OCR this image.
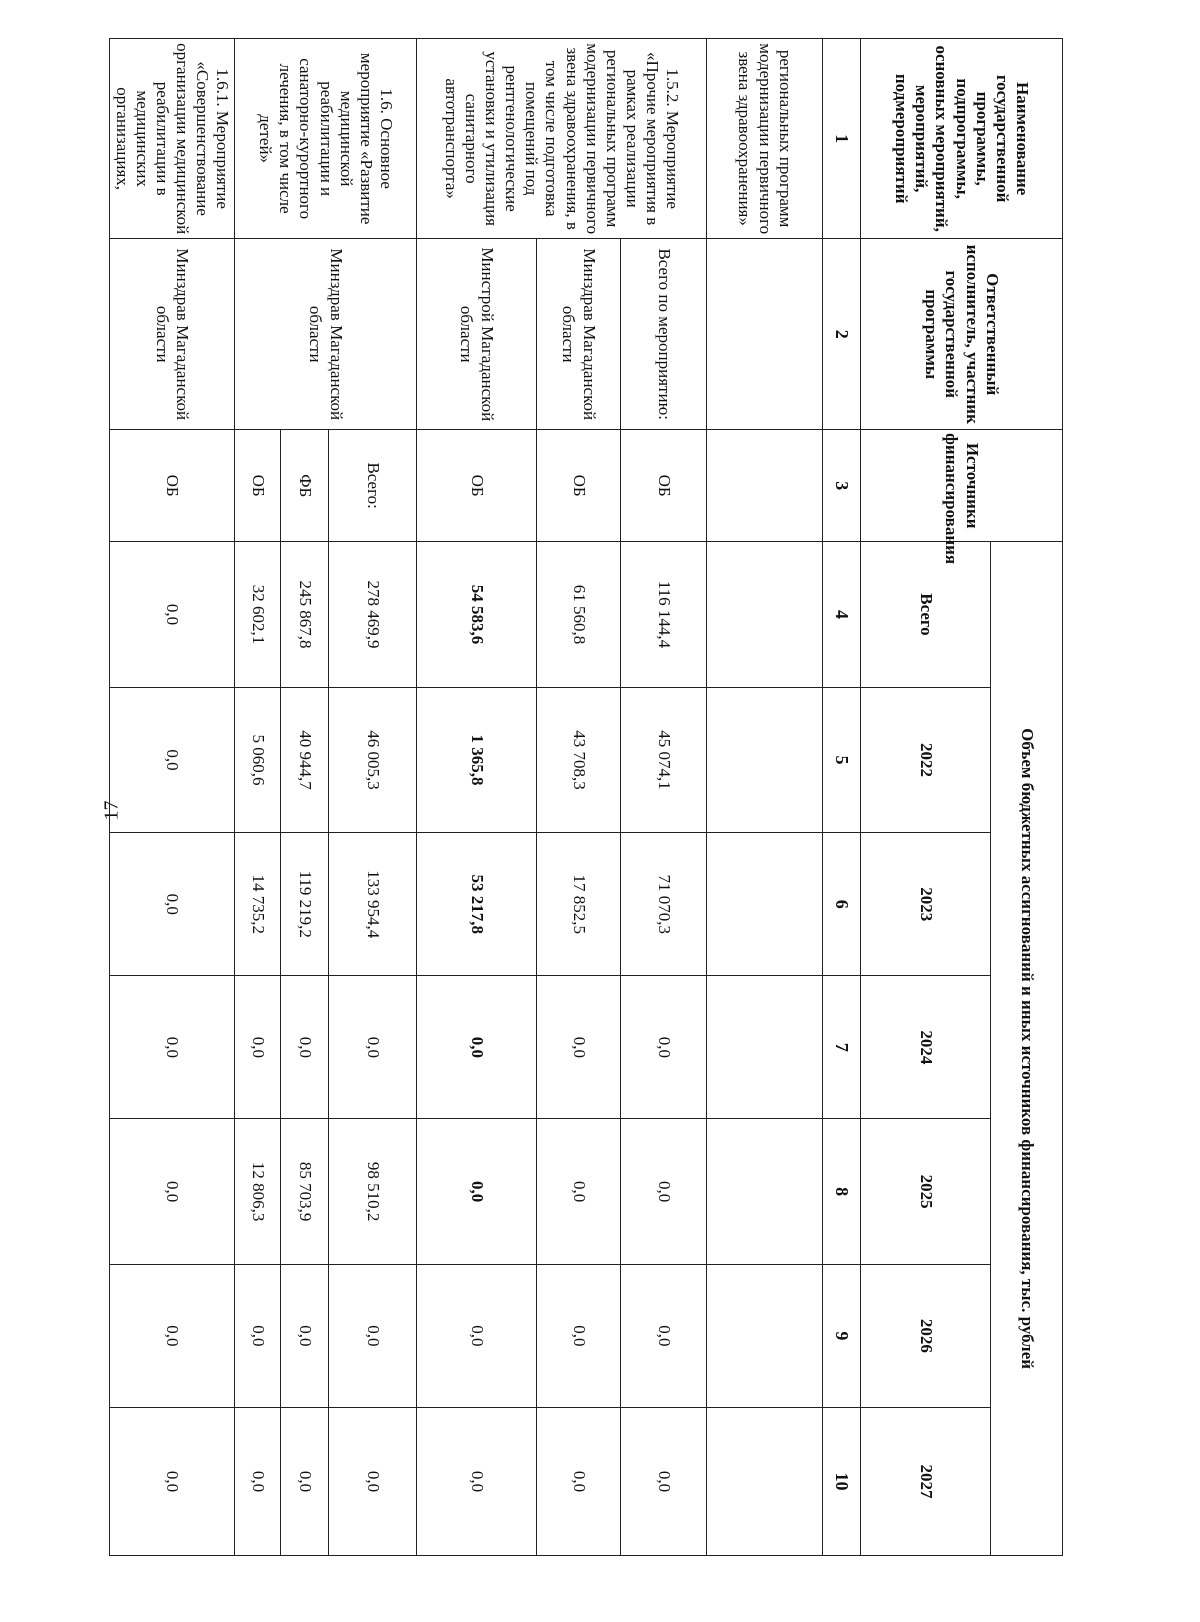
17
Наименование государственной программы, подпрограммы, основных мероприятий, мероприятий, подмероприятий	Ответственный исполнитель, участник государственной программы	Источники финансирования	Объем бюджетных ассигнований и иных источников финансирования, тыс. рублей						
			Всего	2022	2023	2024	2025	2026	2027
1	2	3	4	5	6	7	8	9	10
региональных программ модернизации первичного звена здравоохранения»									
1.5.2. Мероприятие «Прочие мероприятия в рамках реализации региональных программ модернизации первичного звена здравоохранения, в том числе подготовка помещений под рентгенологические установки и утилизация санитарного автотранспорта»	Всего по мероприятию:	ОБ	116 144,4	45 074,1	71 070,3	0,0	0,0	0,0	0,0
	Минздрав Магаданской области	ОБ	61 560,8	43 708,3	17 852,5	0,0	0,0	0,0	0,0
	Минстрой Магаданской области	ОБ	54 583,6	1 365,8	53 217,8	0,0	0,0	0,0	0,0
1.6. Основное мероприятие «Развитие медицинской реабилитации и санаторно-курортного лечения, в том числе детей»	Минздрав Магаданской области	Всего:	278 469,9	46 005,3	133 954,4	0,0	98 510,2	0,0	0,0
		ФБ	245 867,8	40 944,7	119 219,2	0,0	85 703,9	0,0	0,0
		ОБ	32 602,1	5 060,6	14 735,2	0,0	12 806,3	0,0	0,0
1.6.1. Мероприятие «Совершенствование организации медицинской реабилитации в медицинских организациях,	Минздрав Магаданской области	ОБ	0,0	0,0	0,0	0,0	0,0	0,0	0,0
